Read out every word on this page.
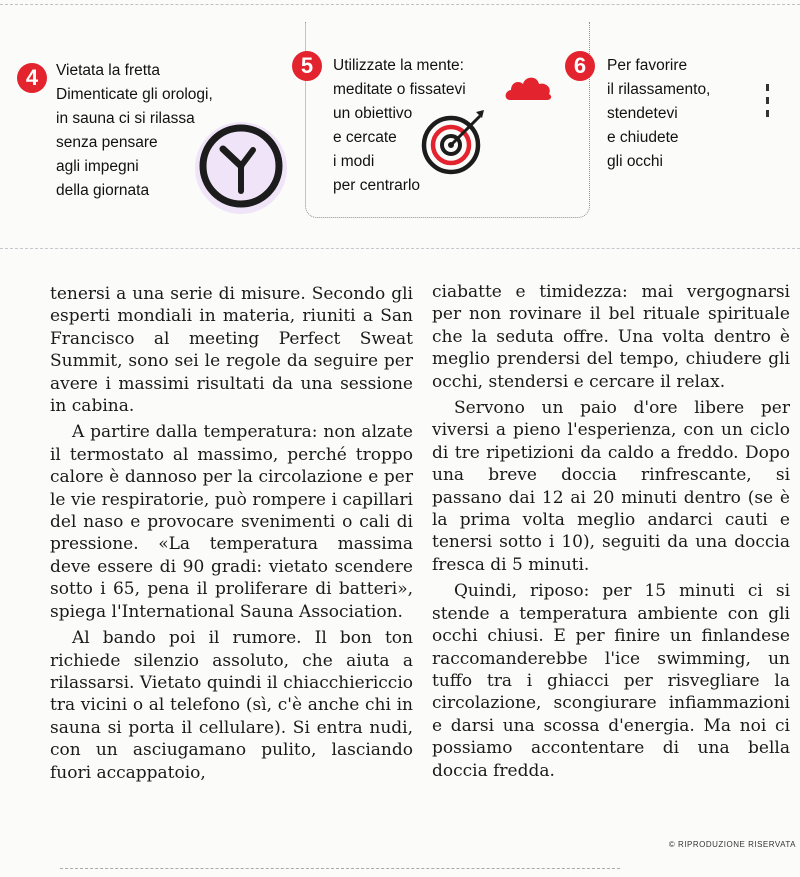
4 Vietata la fretta
Dimenticate gli orologi,
in sauna ci si rilassa
senza pensare
agli impegni
della giornata
5 Utilizzate la mente:
meditate o fissatevi
un obiettivo
e cercate
i modi
per centrarlo
6 Per favorire
il rilassamento,
stendetevi
e chiudete
gli occhi

tenersi a una serie di misure. Secondo gli esperti mondiali in materia, riuniti a San Francisco al meeting Perfect Sweat Summit, sono sei le regole da seguire per avere i massimi risultati da una sessione in cabina.

A partire dalla temperatura: non alzate il termostato al massimo, perché troppo calore è dannoso per la circolazione e per le vie respiratorie, può rompere i capillari del naso e provocare svenimenti o cali di pressione. «La temperatura massima deve essere di 90 gradi: vietato scendere sotto i 65, pena il proliferare di batteri», spiega l'International Sauna Association.

Al bando poi il rumore. Il bon ton richiede silenzio assoluto, che aiuta a rilassarsi. Vietato quindi il chiacchiericcio tra vicini o al telefono (sì, c'è anche chi in sauna si porta il cellulare). Si entra nudi, con un asciugamano pulito, lasciando fuori accappatoio,

ciabatte e timidezza: mai vergognarsi per non rovinare il bel rituale spirituale che la seduta offre. Una volta dentro è meglio prendersi del tempo, chiudere gli occhi, stendersi e cercare il relax.

Servono un paio d'ore libere per viversi a pieno l'esperienza, con un ciclo di tre ripetizioni da caldo a freddo. Dopo una breve doccia rinfrescante, si passano dai 12 ai 20 minuti dentro (se è la prima volta meglio andarci cauti e tenersi sotto i 10), seguiti da una doccia fresca di 5 minuti.

Quindi, riposo: per 15 minuti ci si stende a temperatura ambiente con gli occhi chiusi. E per finire un finlandese raccomanderebbe l'ice swimming, un tuffo tra i ghiacci per risvegliare la circolazione, scongiurare infiammazioni e darsi una scossa d'energia. Ma noi ci possiamo accontentare di una bella doccia fredda.

© RIPRODUZIONE RISERVATA
